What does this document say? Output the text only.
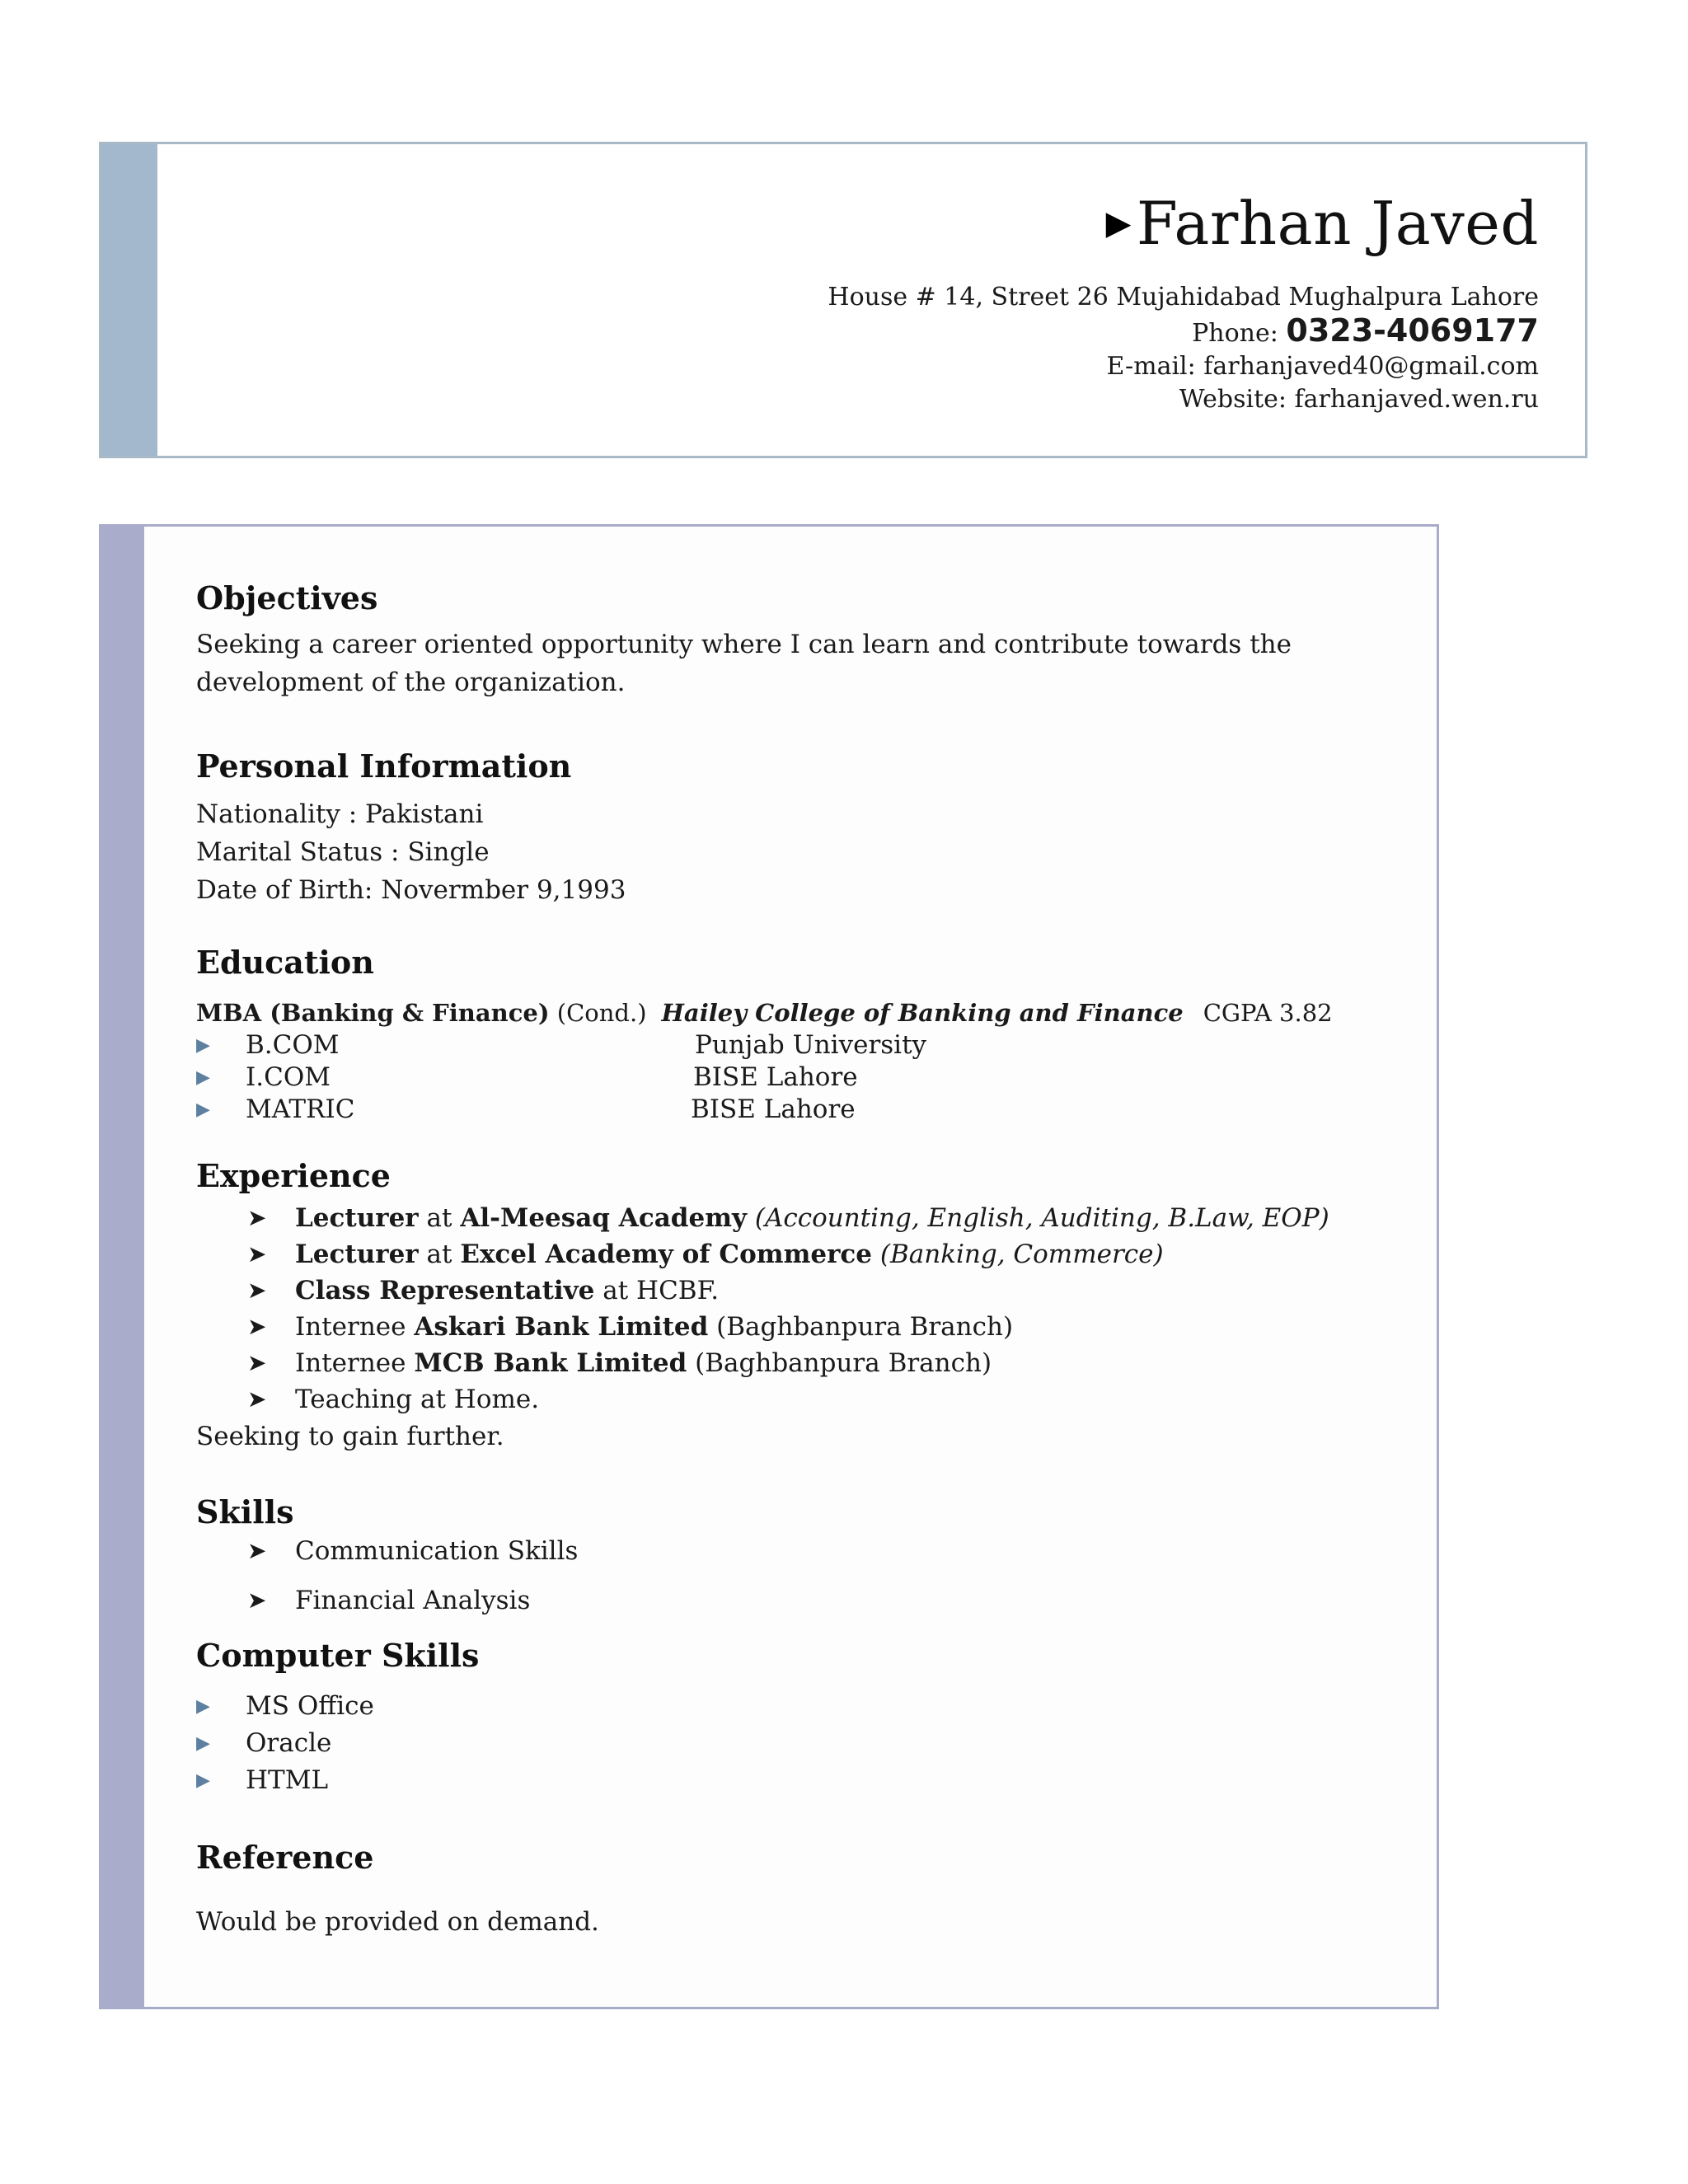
▶Farhan Javed
House # 14, Street 26 Mujahidabad Mughalpura Lahore
Phone: 0323-4069177
E-mail: farhanjaved40@gmail.com
Website: farhanjaved.wen.ru
Objectives

Seeking a career oriented opportunity where I can learn and contribute towards the development of the organization.

Personal Information

Nationality : Pakistani

Marital Status : Single

Date of Birth: Novermber 9,1993

Education
MBA (Banking & Finance) (Cond.) Hailey College of Banking and Finance CGPA 3.82
▶ B.COM	Punjab University
▶ I.COM	BISE Lahore
▶ MATRIC	BISE Lahore
Experience
➤ Lecturer at Al-Meesaq Academy (Accounting, English, Auditing, B.Law, EOP)
➤ Lecturer at Excel Academy of Commerce (Banking, Commerce)
➤ Class Representative at HCBF.
➤ Internee Askari Bank Limited (Baghbanpura Branch)
➤ Internee MCB Bank Limited (Baghbanpura Branch)
➤ Teaching at Home.

Seeking to gain further.

Skills
➤ Communication Skills
➤ Financial Analysis
Computer Skills
▶ MS Office
▶ Oracle
▶ HTML
Reference

Would be provided on demand.
